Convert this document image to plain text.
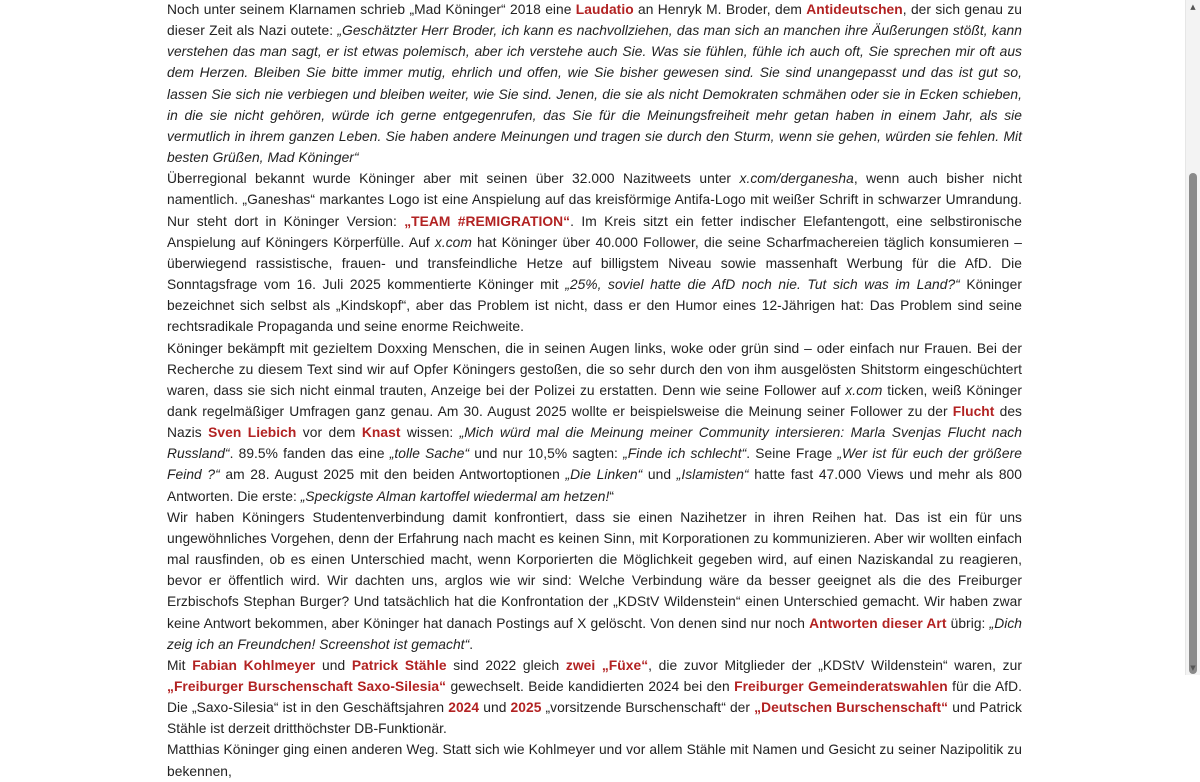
Noch unter seinem Klarnamen schrieb „Mad Köninger“ 2018 eine Laudatio an Henryk M. Broder, dem Antideutschen, der sich genau zu dieser Zeit als Nazi outete: „Geschätzter Herr Broder, ich kann es nachvollziehen, das man sich an manchen ihre Äußerungen stößt, kann verstehen das man sagt, er ist etwas polemisch, aber ich verstehe auch Sie. Was sie fühlen, fühle ich auch oft, Sie sprechen mir oft aus dem Herzen. Bleiben Sie bitte immer mutig, ehrlich und offen, wie Sie bisher gewesen sind. Sie sind unangepasst und das ist gut so, lassen Sie sich nie verbiegen und bleiben weiter, wie Sie sind. Jenen, die sie als nicht Demokraten schmähen oder sie in Ecken schieben, in die sie nicht gehören, würde ich gerne entgegenrufen, das Sie für die Meinungsfreiheit mehr getan haben in einem Jahr, als sie vermutlich in ihrem ganzen Leben. Sie haben andere Meinungen und tragen sie durch den Sturm, wenn sie gehen, würden sie fehlen. Mit besten Grüßen, Mad Köninger“

Überregional bekannt wurde Köninger aber mit seinen über 32.000 Nazitweets unter x.com/derganesha, wenn auch bisher nicht namentlich. „Ganeshas“ markantes Logo ist eine Anspielung auf das kreisförmige Antifa-Logo mit weißer Schrift in schwarzer Umrandung. Nur steht dort in Köninger Version: „TEAM #REMIGRATION“. Im Kreis sitzt ein fetter indischer Elefantengott, eine selbstironische Anspielung auf Köningers Körperfülle. Auf x.com hat Köninger über 40.000 Follower, die seine Scharfmachereien täglich konsumieren – überwiegend rassistische, frauen- und transfeindliche Hetze auf billigstem Niveau sowie massenhaft Werbung für die AfD. Die Sonntagsfrage vom 16. Juli 2025 kommentierte Köninger mit „25%, soviel hatte die AfD noch nie. Tut sich was im Land?“ Köninger bezeichnet sich selbst als „Kindskopf“, aber das Problem ist nicht, dass er den Humor eines 12-Jährigen hat: Das Problem sind seine rechtsradikale Propaganda und seine enorme Reichweite.

Köninger bekämpft mit gezieltem Doxxing Menschen, die in seinen Augen links, woke oder grün sind – oder einfach nur Frauen. Bei der Recherche zu diesem Text sind wir auf Opfer Köningers gestoßen, die so sehr durch den von ihm ausgelösten Shitstorm eingeschüchtert waren, dass sie sich nicht einmal trauten, Anzeige bei der Polizei zu erstatten. Denn wie seine Follower auf x.com ticken, weiß Köninger dank regelmäßiger Umfragen ganz genau. Am 30. August 2025 wollte er beispielsweise die Meinung seiner Follower zu der Flucht des Nazis Sven Liebich vor dem Knast wissen: „Mich würd mal die Meinung meiner Community intersieren: Marla Svenjas Flucht nach Russland“. 89.5% fanden das eine „tolle Sache“ und nur 10,5% sagten: „Finde ich schlecht“. Seine Frage „Wer ist für euch der größere Feind ?“ am 28. August 2025 mit den beiden Antwortoptionen „Die Linken“ und „Islamisten“ hatte fast 47.000 Views und mehr als 800 Antworten. Die erste: „Speckigste Alman kartoffel wiedermal am hetzen!“

Wir haben Köningers Studentenverbindung damit konfrontiert, dass sie einen Nazihetzer in ihren Reihen hat. Das ist ein für uns ungewöhnliches Vorgehen, denn der Erfahrung nach macht es keinen Sinn, mit Korporationen zu kommunizieren. Aber wir wollten einfach mal rausfinden, ob es einen Unterschied macht, wenn Korporierten die Möglichkeit gegeben wird, auf einen Naziskandal zu reagieren, bevor er öffentlich wird. Wir dachten uns, arglos wie wir sind: Welche Verbindung wäre da besser geeignet als die des Freiburger Erzbischofs Stephan Burger? Und tatsächlich hat die Konfrontation der „KDStV Wildenstein“ einen Unterschied gemacht. Wir haben zwar keine Antwort bekommen, aber Köninger hat danach Postings auf X gelöscht. Von denen sind nur noch Antworten dieser Art übrig: „Dich zeig ich an Freundchen! Screenshot ist gemacht“.

Mit Fabian Kohlmeyer und Patrick Stähle sind 2022 gleich zwei „Füxe“, die zuvor Mitglieder der „KDStV Wildenstein“ waren, zur „Freiburger Burschenschaft Saxo-Silesia“ gewechselt. Beide kandidierten 2024 bei den Freiburger Gemeinderatswahlen für die AfD. Die „Saxo-Silesia“ ist in den Geschäftsjahren 2024 und 2025 „vorsitzende Burschenschaft“ der „Deutschen Burschenschaft“ und Patrick Stähle ist derzeit dritthöchster DB-Funktionär.

Matthias Köninger ging einen anderen Weg. Statt sich wie Kohlmeyer und vor allem Stähle mit Namen und Gesicht zu seiner Nazipolitik zu bekennen,

▲
▼
